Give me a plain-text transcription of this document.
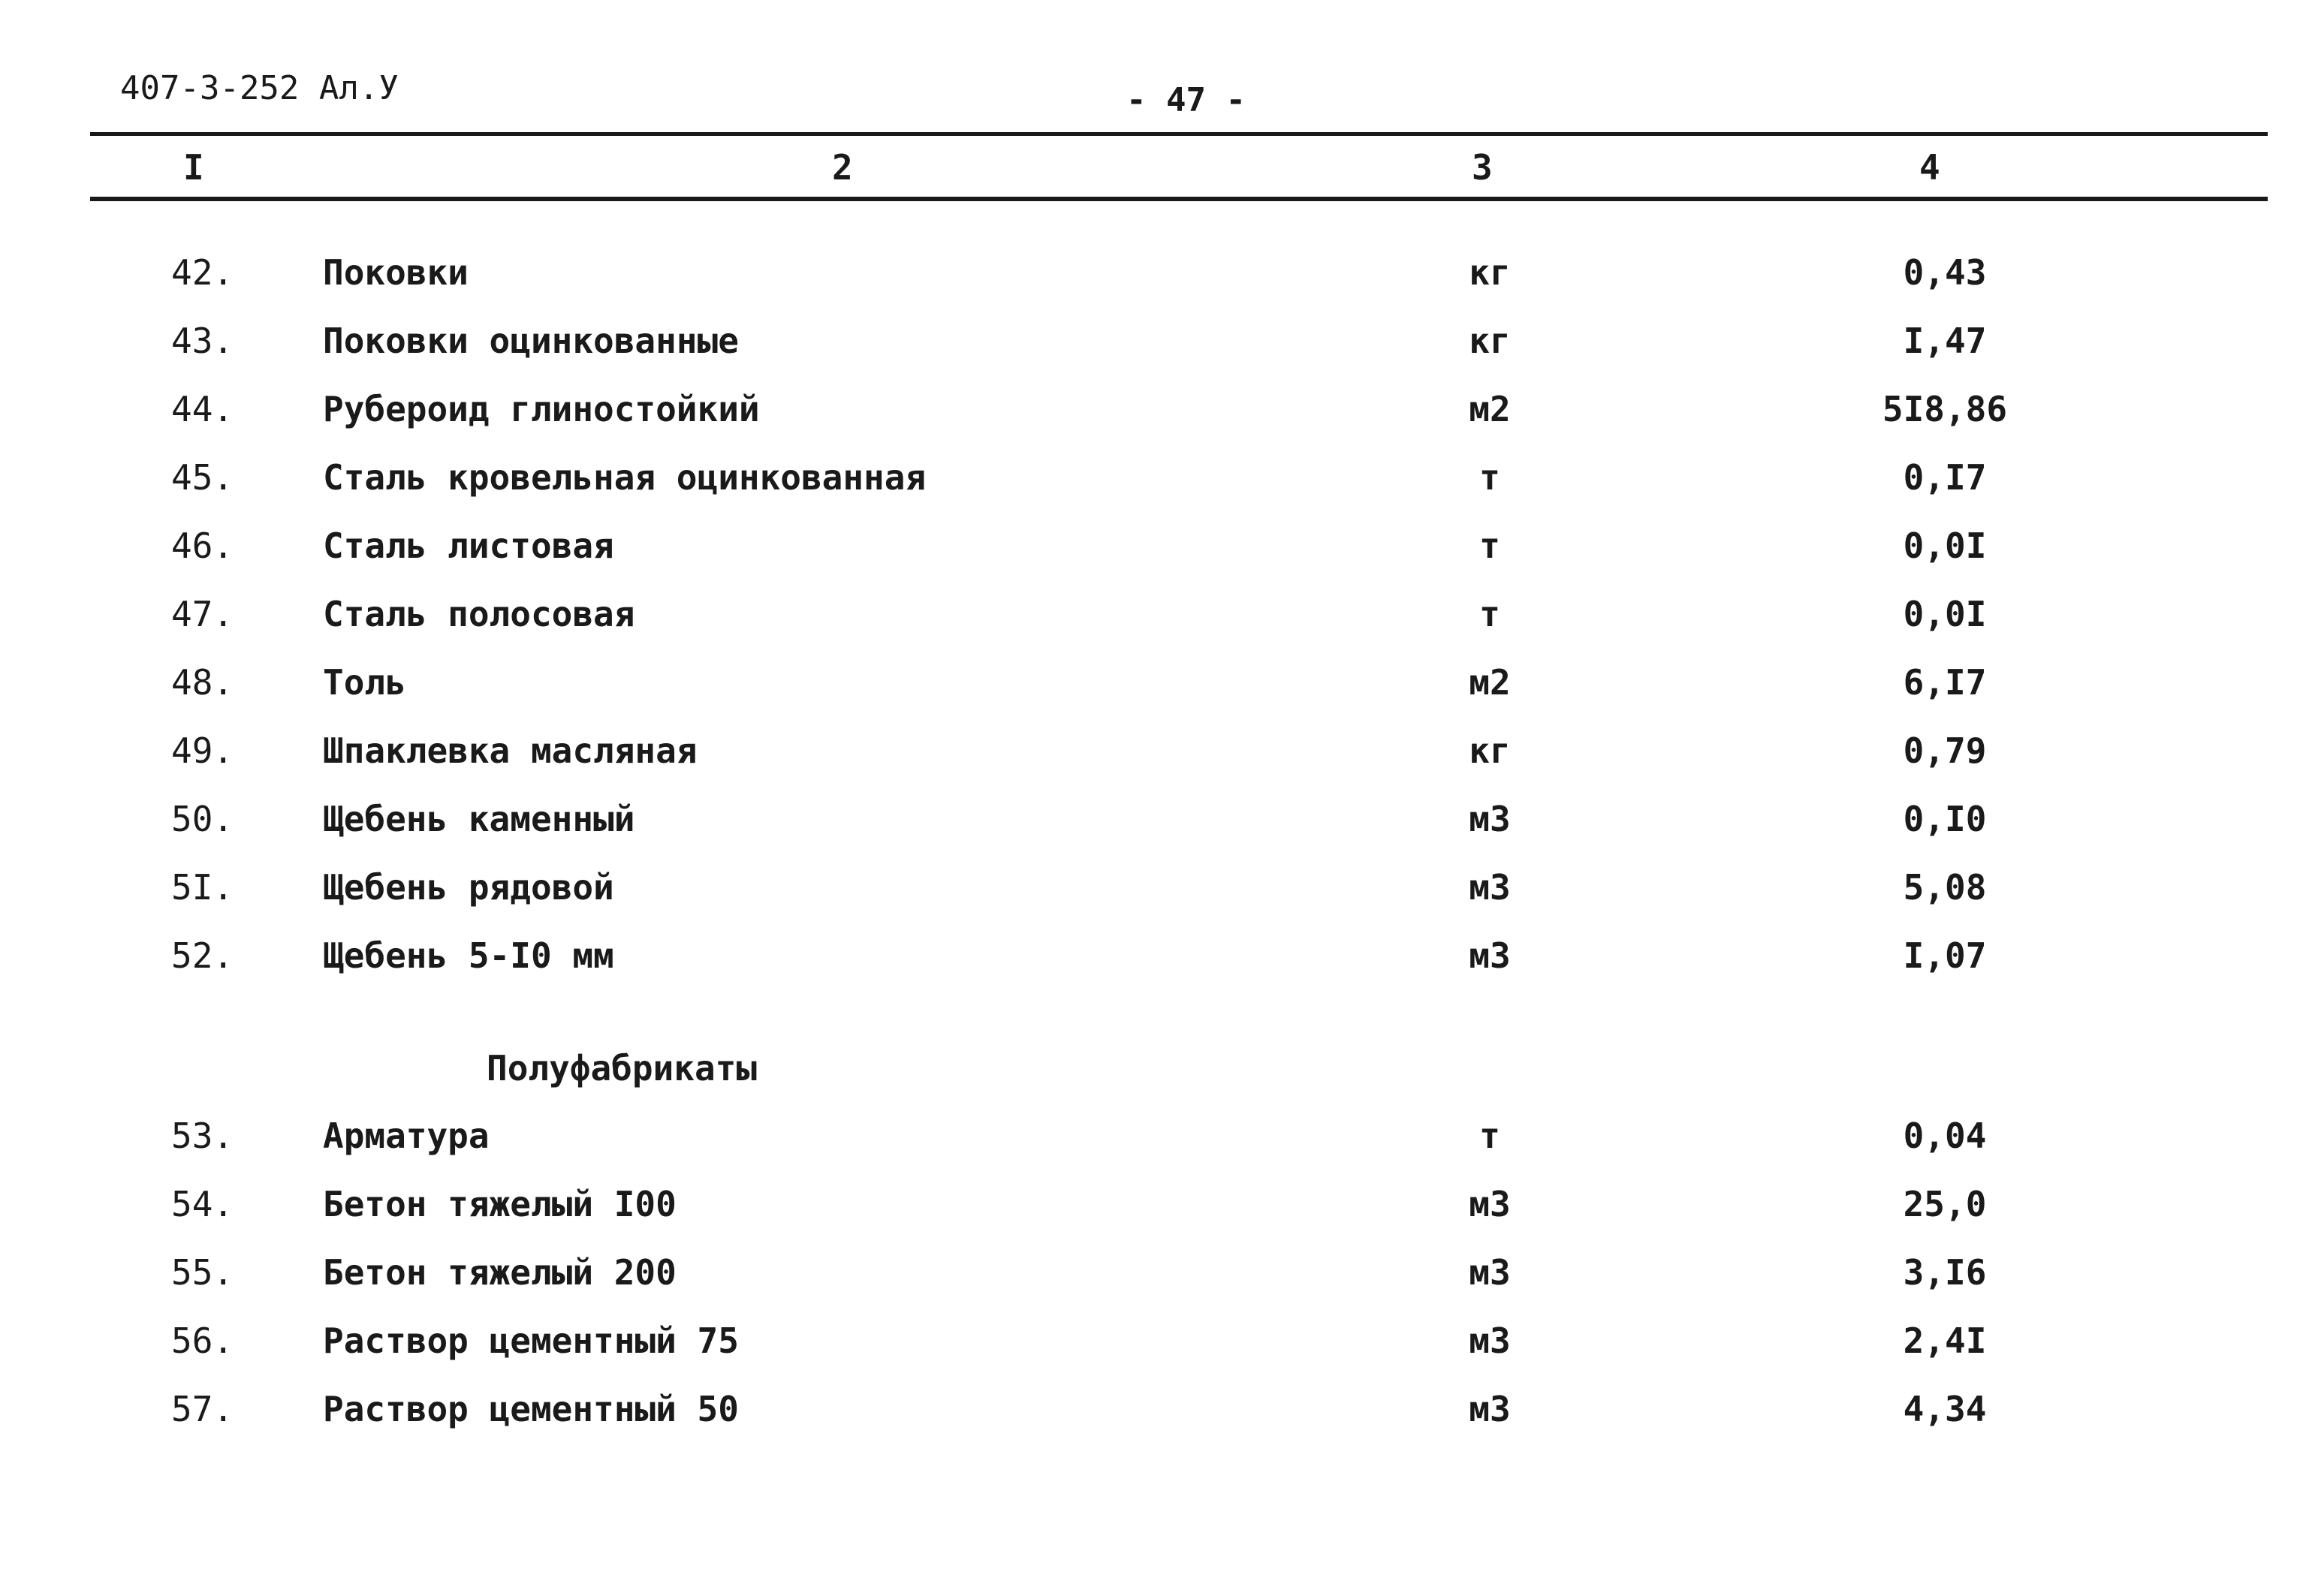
407-3-252 Ал.У	- 47 -
I	2	3	4
42.	Поковки	кг	0,43
43.	Поковки оцинкованные	кг	I,47
44.	Рубероид глиностойкий	м2	5I8,86
45.	Сталь кровельная оцинкованная	т	0,I7
46.	Сталь листовая	т	0,0I
47.	Сталь полосовая	т	0,0I
48.	Толь	м2	6,I7
49.	Шпаклевка масляная	кг	0,79
50.	Щебень каменный	м3	0,I0
5I.	Щебень рядовой	м3	5,08
52.	Щебень 5-I0 мм	м3	I,07
Полуфабрикаты
53.	Арматура	т	0,04
54.	Бетон тяжелый I00	м3	25,0
55.	Бетон тяжелый 200	м3	3,I6
56.	Раствор цементный 75	м3	2,4I
57.	Раствор цементный 50	м3	4,34
